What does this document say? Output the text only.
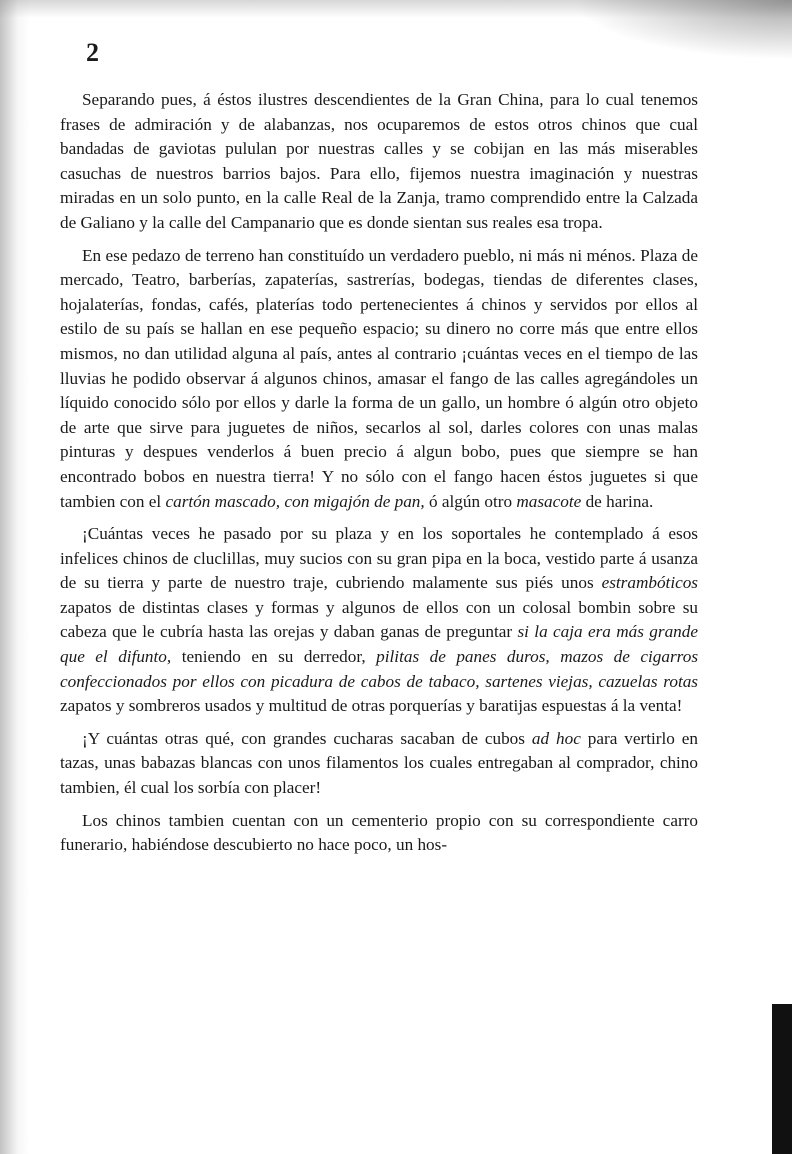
2

Separando pues, á éstos ilustres descendientes de la Gran China, para lo cual tenemos frases de admiración y de alabanzas, nos ocuparemos de estos otros chinos que cual bandadas de gaviotas pululan por nuestras calles y se cobijan en las más miserables casuchas de nuestros barrios bajos. Para ello, fijemos nuestra imaginación y nuestras miradas en un solo punto, en la calle Real de la Zanja, tramo comprendido entre la Calzada de Galiano y la calle del Campanario que es donde sientan sus reales esa tropa.

En ese pedazo de terreno han constituído un verdadero pueblo, ni más ni ménos. Plaza de mercado, Teatro, barberías, zapaterías, sastrerías, bodegas, tiendas de diferentes clases, hojalaterías, fondas, cafés, platerías todo pertenecientes á chinos y servidos por ellos al estilo de su país se hallan en ese pequeño espacio; su dinero no corre más que entre ellos mismos, no dan utilidad alguna al país, antes al contrario ¡cuántas veces en el tiempo de las lluvias he podido observar á algunos chinos, amasar el fango de las calles agregándoles un líquido conocido sólo por ellos y darle la forma de un gallo, un hombre ó algún otro objeto de arte que sirve para juguetes de niños, secarlos al sol, darles colores con unas malas pinturas y despues venderlos á buen precio á algun bobo, pues que siempre se han encontrado bobos en nuestra tierra! Y no sólo con el fango hacen éstos juguetes si que tambien con el cartón mascado, con migajón de pan, ó algún otro masacote de harina.

¡Cuántas veces he pasado por su plaza y en los soportales he contemplado á esos infelices chinos de cluclillas, muy sucios con su gran pipa en la boca, vestido parte á usanza de su tierra y parte de nuestro traje, cubriendo malamente sus piés unos estrambóticos zapatos de distintas clases y formas y algunos de ellos con un colosal bombin sobre su cabeza que le cubría hasta las orejas y daban ganas de preguntar si la caja era más grande que el difunto, teniendo en su derredor, pilitas de panes duros, mazos de cigarros confeccionados por ellos con picadura de cabos de tabaco, sartenes viejas, cazuelas rotas zapatos y sombreros usados y multitud de otras porquerías y baratijas espuestas á la venta!

¡Y cuántas otras qué, con grandes cucharas sacaban de cubos ad hoc para vertirlo en tazas, unas babazas blancas con unos filamentos los cuales entregaban al comprador, chino tambien, él cual los sorbía con placer!

Los chinos tambien cuentan con un cementerio propio con su correspondiente carro funerario, habiéndose descubierto no hace poco, un hos-
